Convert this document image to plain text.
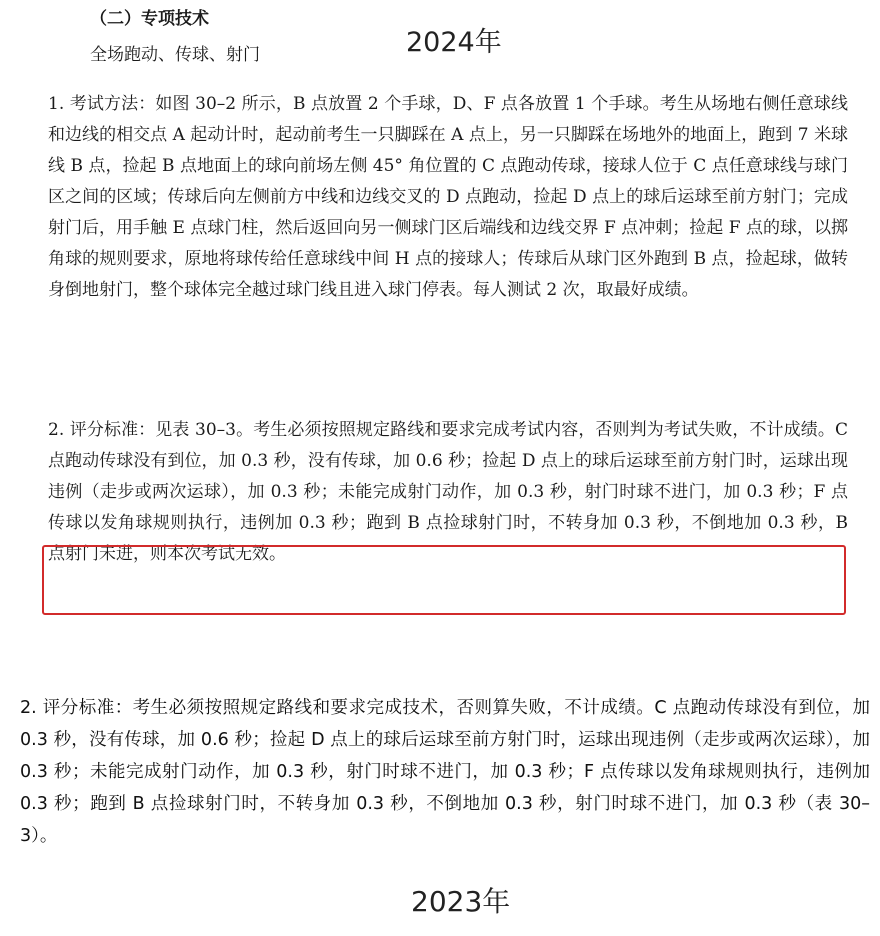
（二）专项技术

2024年

全场跑动、传球、射门

1. 考试方法：如图 30–2 所示，B 点放置 2 个手球，D、F 点各放置 1 个手球。考生从场地右侧任意球线和边线的相交点 A 起动计时，起动前考生一只脚踩在 A 点上，另一只脚踩在场地外的地面上，跑到 7 米球线 B 点，捡起 B 点地面上的球向前场左侧 45° 角位置的 C 点跑动传球，接球人位于 C 点任意球线与球门区之间的区域；传球后向左侧前方中线和边线交叉的 D 点跑动，捡起 D 点上的球后运球至前方射门；完成射门后，用手触 E 点球门柱，然后返回向另一侧球门区后端线和边线交界 F 点冲刺；捡起 F 点的球，以掷角球的规则要求，原地将球传给任意球线中间 H 点的接球人；传球后从球门区外跑到 B 点，捡起球，做转身倒地射门，整个球体完全越过球门线且进入球门停表。每人测试 2 次，取最好成绩。

2. 评分标准：见表 30–3。考生必须按照规定路线和要求完成考试内容，否则判为考试失败，不计成绩。C 点跑动传球没有到位，加 0.3 秒，没有传球，加 0.6 秒；捡起 D 点上的球后运球至前方射门时，运球出现违例（走步或两次运球），加 0.3 秒；未能完成射门动作，加 0.3 秒，射门时球不进门，加 0.3 秒；F 点传球以发角球规则执行，违例加 0.3 秒；跑到 B 点捡球射门时，不转身加 0.3 秒，不倒地加 0.3 秒，B 点射门未进，则本次考试无效。

2. 评分标准：考生必须按照规定路线和要求完成技术，否则算失败，不计成绩。C 点跑动传球没有到位，加 0.3 秒，没有传球，加 0.6 秒；捡起 D 点上的球后运球至前方射门时，运球出现违例（走步或两次运球），加 0.3 秒；未能完成射门动作，加 0.3 秒，射门时球不进门，加 0.3 秒；F 点传球以发角球规则执行，违例加 0.3 秒；跑到 B 点捡球射门时，不转身加 0.3 秒，不倒地加 0.3 秒，射门时球不进门，加 0.3 秒（表 30–3）。

2023年
